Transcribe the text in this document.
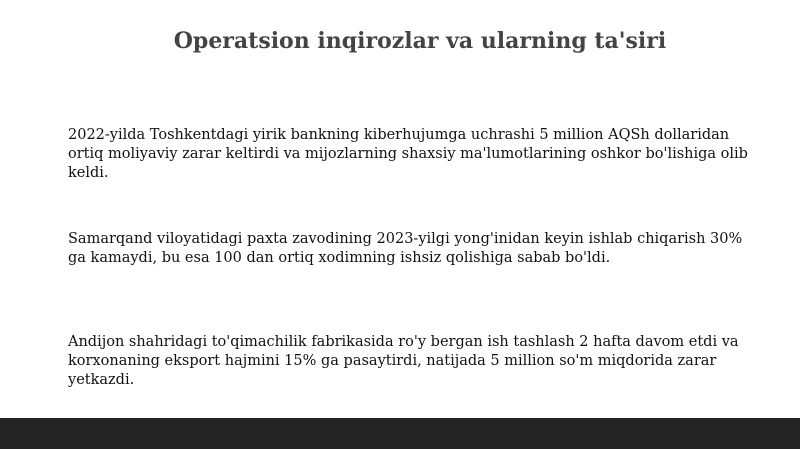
Operatsion inqirozlar va ularning ta'siri

2022-yilda Toshkentdagi yirik bankning kiberhujumga uchrashi 5 million AQSh dollaridan
ortiq moliyaviy zarar keltirdi va mijozlarning shaxsiy ma'lumotlarining oshkor bo'lishiga olib
keldi.

Samarqand viloyatidagi paxta zavodining 2023-yilgi yong'inidan keyin ishlab chiqarish 30%
ga kamaydi, bu esa 100 dan ortiq xodimning ishsiz qolishiga sabab bo'ldi.

Andijon shahridagi to'qimachilik fabrikasida ro'y bergan ish tashlash 2 hafta davom etdi va
korxonaning eksport hajmini 15% ga pasaytirdi, natijada 5 million so'm miqdorida zarar
yetkazdi.
